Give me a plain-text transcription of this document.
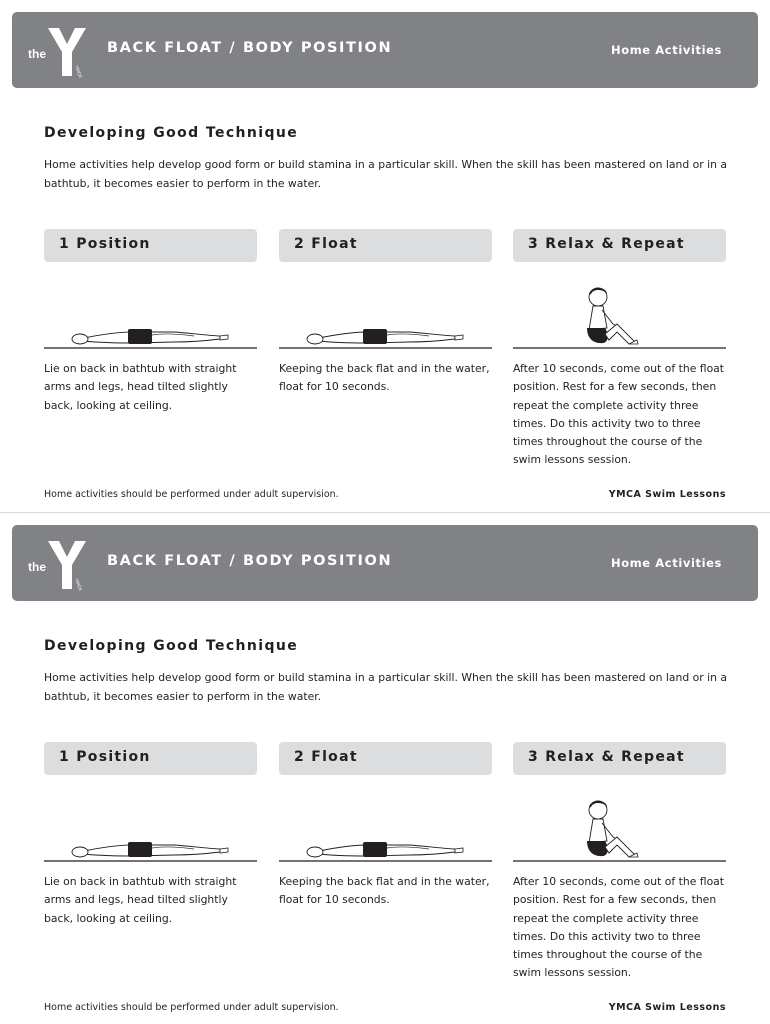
the
YMCA
BACK FLOAT / BODY POSITION	Home Activities
Developing Good Technique
Home activities help develop good form or build stamina in a particular skill. When the skill has been mastered on land or in a bathtub, it becomes easier to perform in the water.
1 Position	2 Float	3 Relax & Repeat
Lie on back in bathtub with straight arms and legs, head tilted slightly back, looking at ceiling.
Keeping the back flat and in the water, float for 10 seconds.
After 10 seconds, come out of the float position. Rest for a few seconds, then repeat the complete activity three times. Do this activity two to three times throughout the course of the swim lessons session.
Home activities should be performed under adult supervision.	YMCA Swim Lessons
the
YMCA
BACK FLOAT / BODY POSITION	Home Activities
Developing Good Technique
Home activities help develop good form or build stamina in a particular skill. When the skill has been mastered on land or in a bathtub, it becomes easier to perform in the water.
1 Position	2 Float	3 Relax & Repeat
Lie on back in bathtub with straight arms and legs, head tilted slightly back, looking at ceiling.
Keeping the back flat and in the water, float for 10 seconds.
After 10 seconds, come out of the float position. Rest for a few seconds, then repeat the complete activity three times. Do this activity two to three times throughout the course of the swim lessons session.
Home activities should be performed under adult supervision.	YMCA Swim Lessons
